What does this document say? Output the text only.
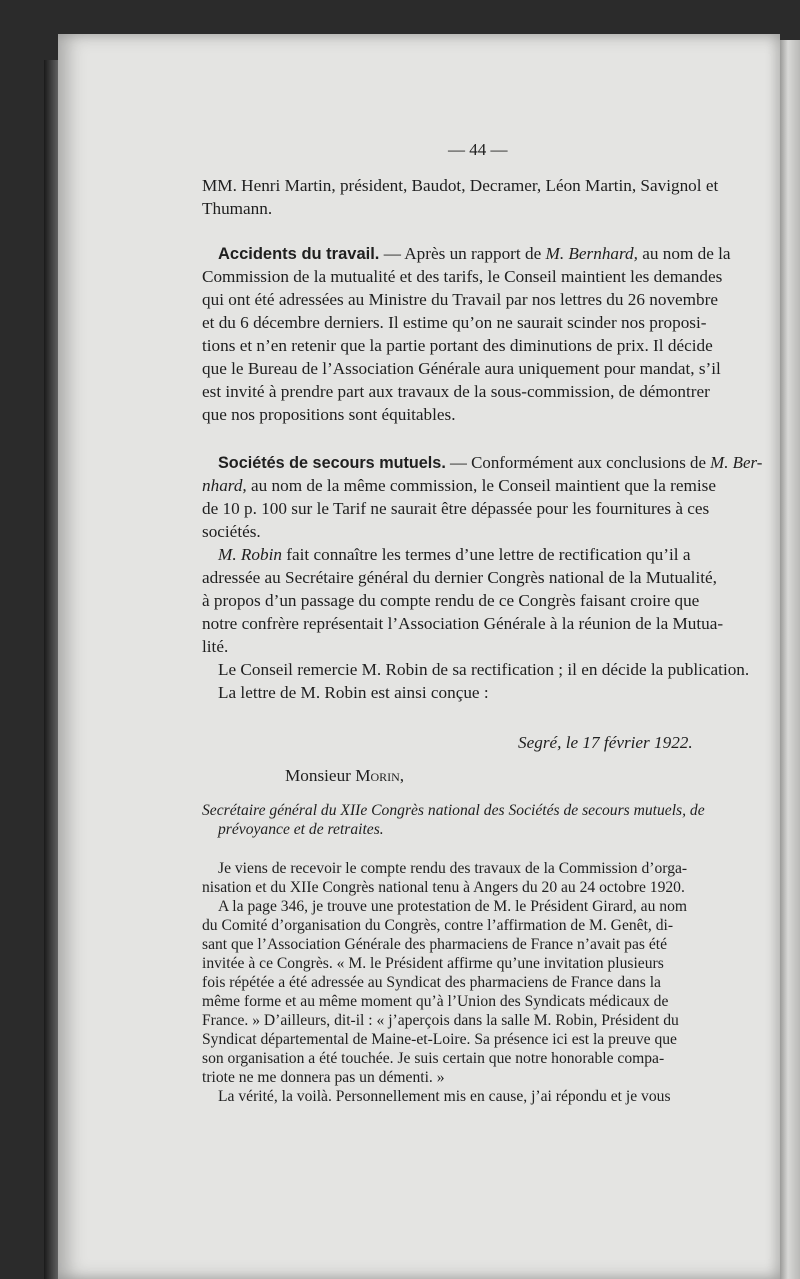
— 44 —
MM. Henri Martin, président, Baudot, Decramer, Léon Martin, Savignol et
Thumann.
Accidents du travail. — Après un rapport de M. Bernhard, au nom de la
Commission de la mutualité et des tarifs, le Conseil maintient les demandes
qui ont été adressées au Ministre du Travail par nos lettres du 26 novembre
et du 6 décembre derniers. Il estime qu’on ne saurait scinder nos proposi-
tions et n’en retenir que la partie portant des diminutions de prix. Il décide
que le Bureau de l’Association Générale aura uniquement pour mandat, s’il
est invité à prendre part aux travaux de la sous-commission, de démontrer
que nos propositions sont équitables.
Sociétés de secours mutuels. — Conformément aux conclusions de M. Ber-
nhard, au nom de la même commission, le Conseil maintient que la remise
de 10 p. 100 sur le Tarif ne saurait être dépassée pour les fournitures à ces
sociétés.
M. Robin fait connaître les termes d’une lettre de rectification qu’il a
adressée au Secrétaire général du dernier Congrès national de la Mutualité,
à propos d’un passage du compte rendu de ce Congrès faisant croire que
notre confrère représentait l’Association Générale à la réunion de la Mutua-
lité.
Le Conseil remercie M. Robin de sa rectification ; il en décide la publication.
La lettre de M. Robin est ainsi conçue :
Segré, le 17 février 1922.
Monsieur Morin,
Secrétaire général du XIIe Congrès national des Sociétés de secours mutuels, de
prévoyance et de retraites.
Je viens de recevoir le compte rendu des travaux de la Commission d’orga-
nisation et du XIIe Congrès national tenu à Angers du 20 au 24 octobre 1920.
A la page 346, je trouve une protestation de M. le Président Girard, au nom
du Comité d’organisation du Congrès, contre l’affirmation de M. Genêt, di-
sant que l’Association Générale des pharmaciens de France n’avait pas été
invitée à ce Congrès. « M. le Président affirme qu’une invitation plusieurs
fois répétée a été adressée au Syndicat des pharmaciens de France dans la
même forme et au même moment qu’à l’Union des Syndicats médicaux de
France. » D’ailleurs, dit-il : « j’aperçois dans la salle M. Robin, Président du
Syndicat départemental de Maine-et-Loire. Sa présence ici est la preuve que
son organisation a été touchée. Je suis certain que notre honorable compa-
triote ne me donnera pas un démenti. »
La vérité, la voilà. Personnellement mis en cause, j’ai répondu et je vous
